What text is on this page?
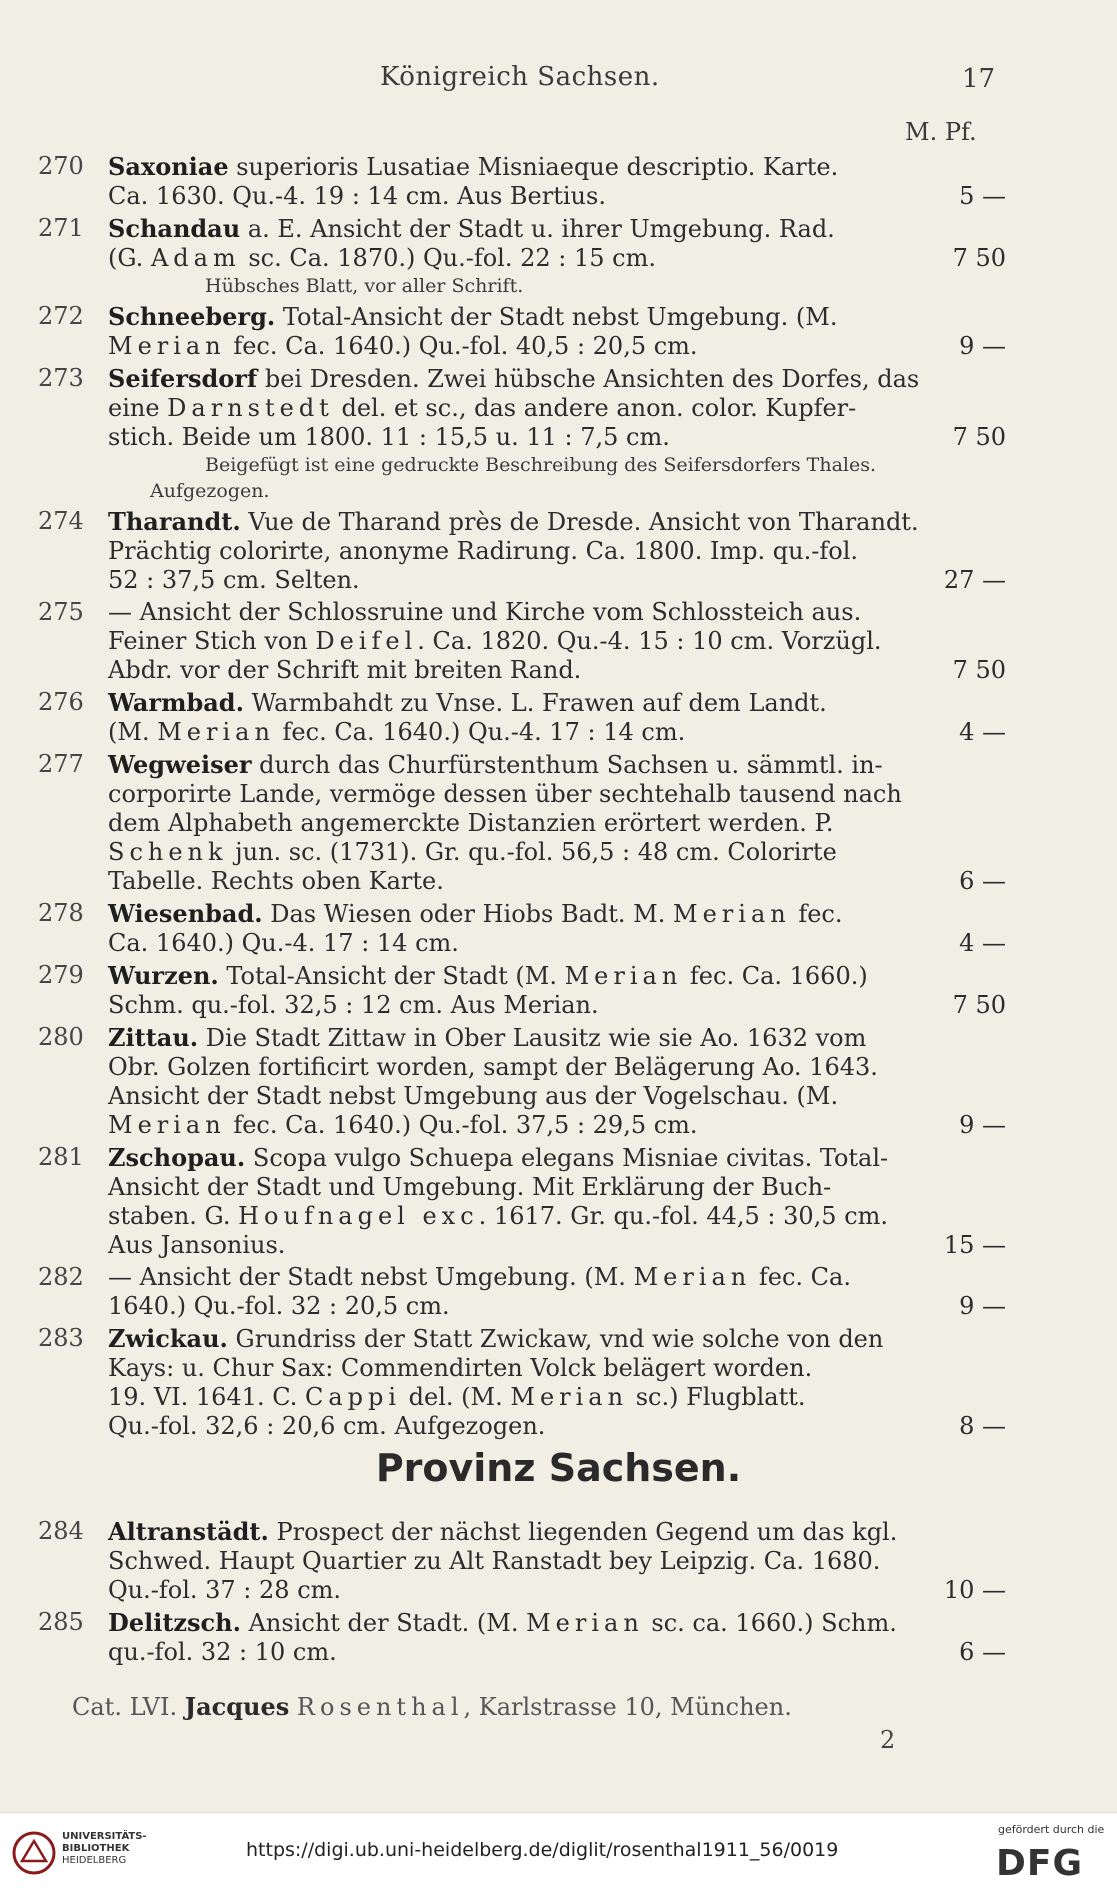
Königreich Sachsen.	17
M. Pf.
270	Saxoniae superioris Lusatiae Misniaeque descriptio. Karte.
Ca. 1630. Qu.-4. 19 : 14 cm. Aus Bertius.	5 —
271	Schandau a. E. Ansicht der Stadt u. ihrer Umgebung. Rad.
(G. Adam sc. Ca. 1870.) Qu.-fol. 22 : 15 cm.	7 50
Hübsches Blatt, vor aller Schrift.
272	Schneeberg. Total-Ansicht der Stadt nebst Umgebung. (M.
Merian fec. Ca. 1640.) Qu.-fol. 40,5 : 20,5 cm.	9 —
273	Seifersdorf bei Dresden. Zwei hübsche Ansichten des Dorfes, das
eine Darnstedt del. et sc., das andere anon. color. Kupfer-
stich. Beide um 1800. 11 : 15,5 u. 11 : 7,5 cm.	7 50
Beigefügt ist eine gedruckte Beschreibung des Seifersdorfers Thales.
Aufgezogen.
274	Tharandt. Vue de Tharand près de Dresde. Ansicht von Tharandt.
Prächtig colorirte, anonyme Radirung. Ca. 1800. Imp. qu.-fol.
52 : 37,5 cm. Selten.	27 —
275	— Ansicht der Schlossruine und Kirche vom Schlossteich aus.
Feiner Stich von Deifel. Ca. 1820. Qu.-4. 15 : 10 cm. Vorzügl.
Abdr. vor der Schrift mit breiten Rand.	7 50
276	Warmbad. Warmbahdt zu Vnse. L. Frawen auf dem Landt.
(M. Merian fec. Ca. 1640.) Qu.-4. 17 : 14 cm.	4 —
277	Wegweiser durch das Churfürstenthum Sachsen u. sämmtl. in-
corporirte Lande, vermöge dessen über sechtehalb tausend nach
dem Alphabeth angemerckte Distanzien erörtert werden. P.
Schenk jun. sc. (1731). Gr. qu.-fol. 56,5 : 48 cm. Colorirte
Tabelle. Rechts oben Karte.	6 —
278	Wiesenbad. Das Wiesen oder Hiobs Badt. M. Merian fec.
Ca. 1640.) Qu.-4. 17 : 14 cm.	4 —
279	Wurzen. Total-Ansicht der Stadt (M. Merian fec. Ca. 1660.)
Schm. qu.-fol. 32,5 : 12 cm. Aus Merian.	7 50
280	Zittau. Die Stadt Zittaw in Ober Lausitz wie sie Ao. 1632 vom
Obr. Golzen fortificirt worden, sampt der Belägerung Ao. 1643.
Ansicht der Stadt nebst Umgebung aus der Vogelschau. (M.
Merian fec. Ca. 1640.) Qu.-fol. 37,5 : 29,5 cm.	9 —
281	Zschopau. Scopa vulgo Schuepa elegans Misniae civitas. Total-
Ansicht der Stadt und Umgebung. Mit Erklärung der Buch-
staben. G. Houfnagel exc. 1617. Gr. qu.-fol. 44,5 : 30,5 cm.
Aus Jansonius.	15 —
282	— Ansicht der Stadt nebst Umgebung. (M. Merian fec. Ca.
1640.) Qu.-fol. 32 : 20,5 cm.	9 —
283	Zwickau. Grundriss der Statt Zwickaw, vnd wie solche von den
Kays: u. Chur Sax: Commendirten Volck belägert worden.
19. VI. 1641. C. Cappi del. (M. Merian sc.) Flugblatt.
Qu.-fol. 32,6 : 20,6 cm. Aufgezogen.	8 —
Provinz Sachsen.
284	Altranstädt. Prospect der nächst liegenden Gegend um das kgl.
Schwed. Haupt Quartier zu Alt Ranstadt bey Leipzig. Ca. 1680.
Qu.-fol. 37 : 28 cm.	10 —
285	Delitzsch. Ansicht der Stadt. (M. Merian sc. ca. 1660.) Schm.
qu.-fol. 32 : 10 cm.	6 —
Cat. LVI. Jacques Rosenthal, Karlstrasse 10, München.
2
UNIVERSITÄTS-
BIBLIOTHEK
HEIDELBERG	https://digi.ub.uni-heidelberg.de/diglit/rosenthal1911_56/0019
gefördert durch die
DFG
